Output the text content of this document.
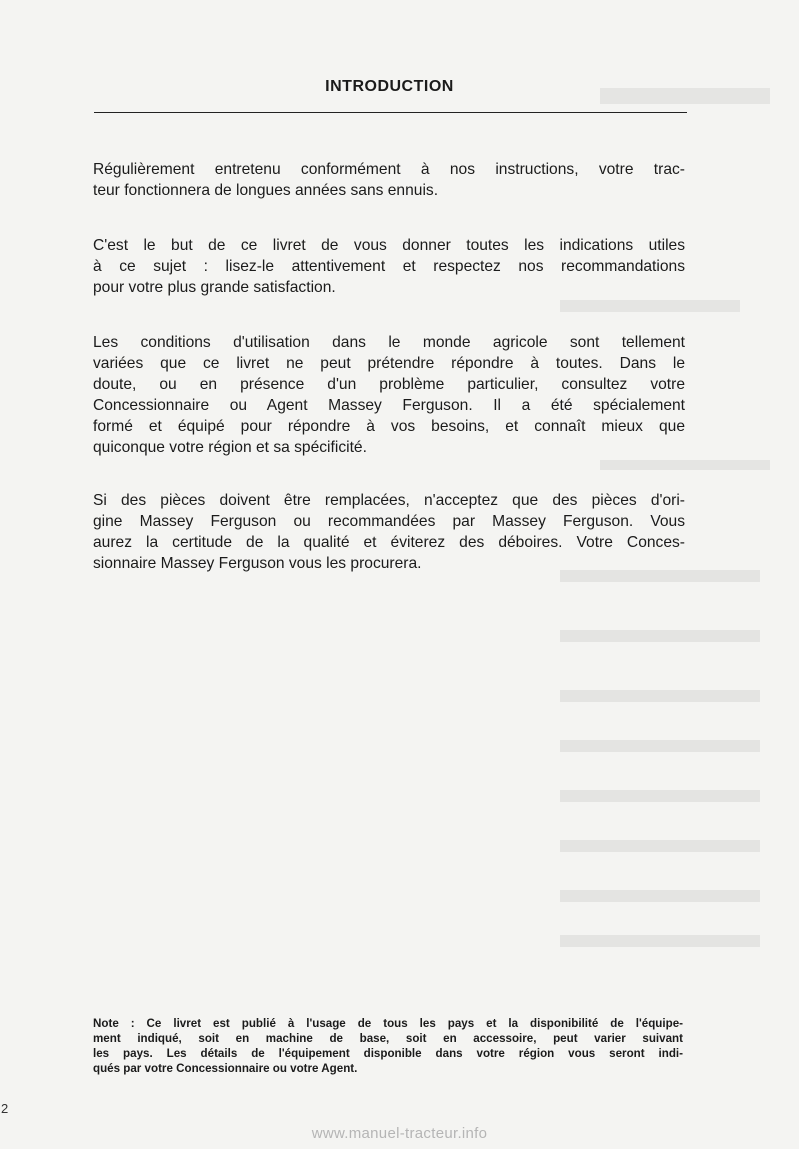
INTRODUCTION
Régulièrement entretenu conformément à nos instructions, votre trac-
teur fonctionnera de longues années sans ennuis.
C'est le but de ce livret de vous donner toutes les indications utiles
à ce sujet : lisez-le attentivement et respectez nos recommandations
pour votre plus grande satisfaction.
Les conditions d'utilisation dans le monde agricole sont tellement
variées que ce livret ne peut prétendre répondre à toutes. Dans le
doute, ou en présence d'un problème particulier, consultez votre
Concessionnaire ou Agent Massey Ferguson. Il a été spécialement
formé et équipé pour répondre à vos besoins, et connaît mieux que
quiconque votre région et sa spécificité.
Si des pièces doivent être remplacées, n'acceptez que des pièces d'ori-
gine Massey Ferguson ou recommandées par Massey Ferguson. Vous
aurez la certitude de la qualité et éviterez des déboires. Votre Conces-
sionnaire Massey Ferguson vous les procurera.
Note : Ce livret est publié à l'usage de tous les pays et la disponibilité de l'équipe-
ment indiqué, soit en machine de base, soit en accessoire, peut varier suivant
les pays. Les détails de l'équipement disponible dans votre région vous seront indi-
qués par votre Concessionnaire ou votre Agent.
2
www.manuel-tracteur.info
